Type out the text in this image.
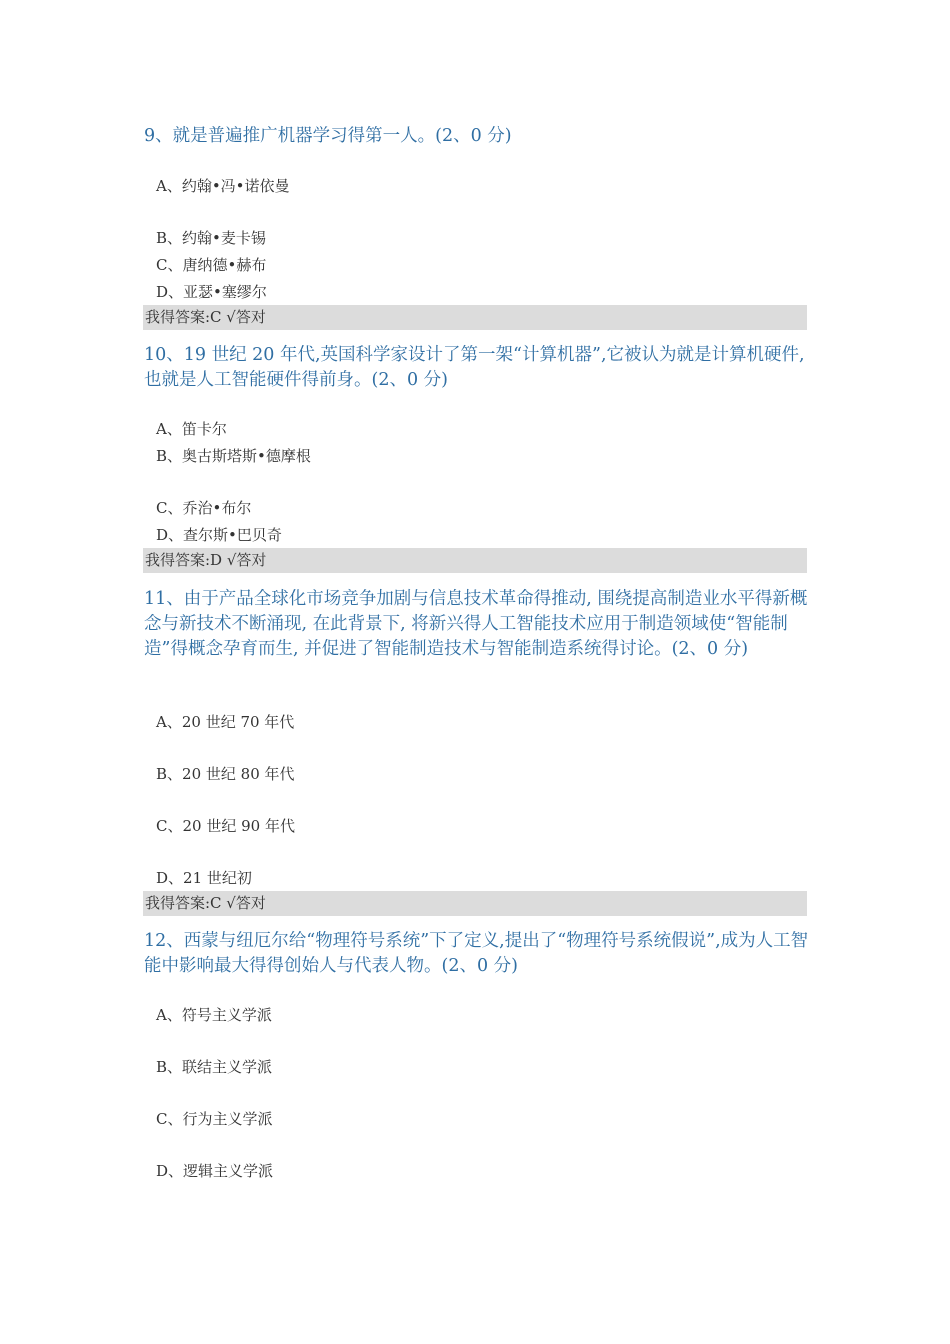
9、就是普遍推广机器学习得第一人。(2、0 分)
A、约翰•冯•诺依曼
B、约翰•麦卡锡
C、唐纳德•赫布
D、亚瑟•塞缪尔
我得答案:C √答对
10、19 世纪 20 年代,英国科学家设计了第一架“计算机器”,它被认为就是计算机硬件,也就是人工智能硬件得前身。(2、0 分)
A、笛卡尔
B、奥古斯塔斯•德摩根
C、乔治•布尔
D、查尔斯•巴贝奇
我得答案:D √答对
11、由于产品全球化市场竞争加剧与信息技术革命得推动, 围绕提高制造业水平得新概念与新技术不断涌现, 在此背景下, 将新兴得人工智能技术应用于制造领域使“智能制造”得概念孕育而生, 并促进了智能制造技术与智能制造系统得讨论。(2、0 分)
A、20 世纪 70 年代
B、20 世纪 80 年代
C、20 世纪 90 年代
D、21 世纪初
我得答案:C √答对
12、西蒙与纽厄尔给“物理符号系统”下了定义,提出了“物理符号系统假说”,成为人工智能中影响最大得得创始人与代表人物。(2、0 分)
A、符号主义学派
B、联结主义学派
C、行为主义学派
D、逻辑主义学派
